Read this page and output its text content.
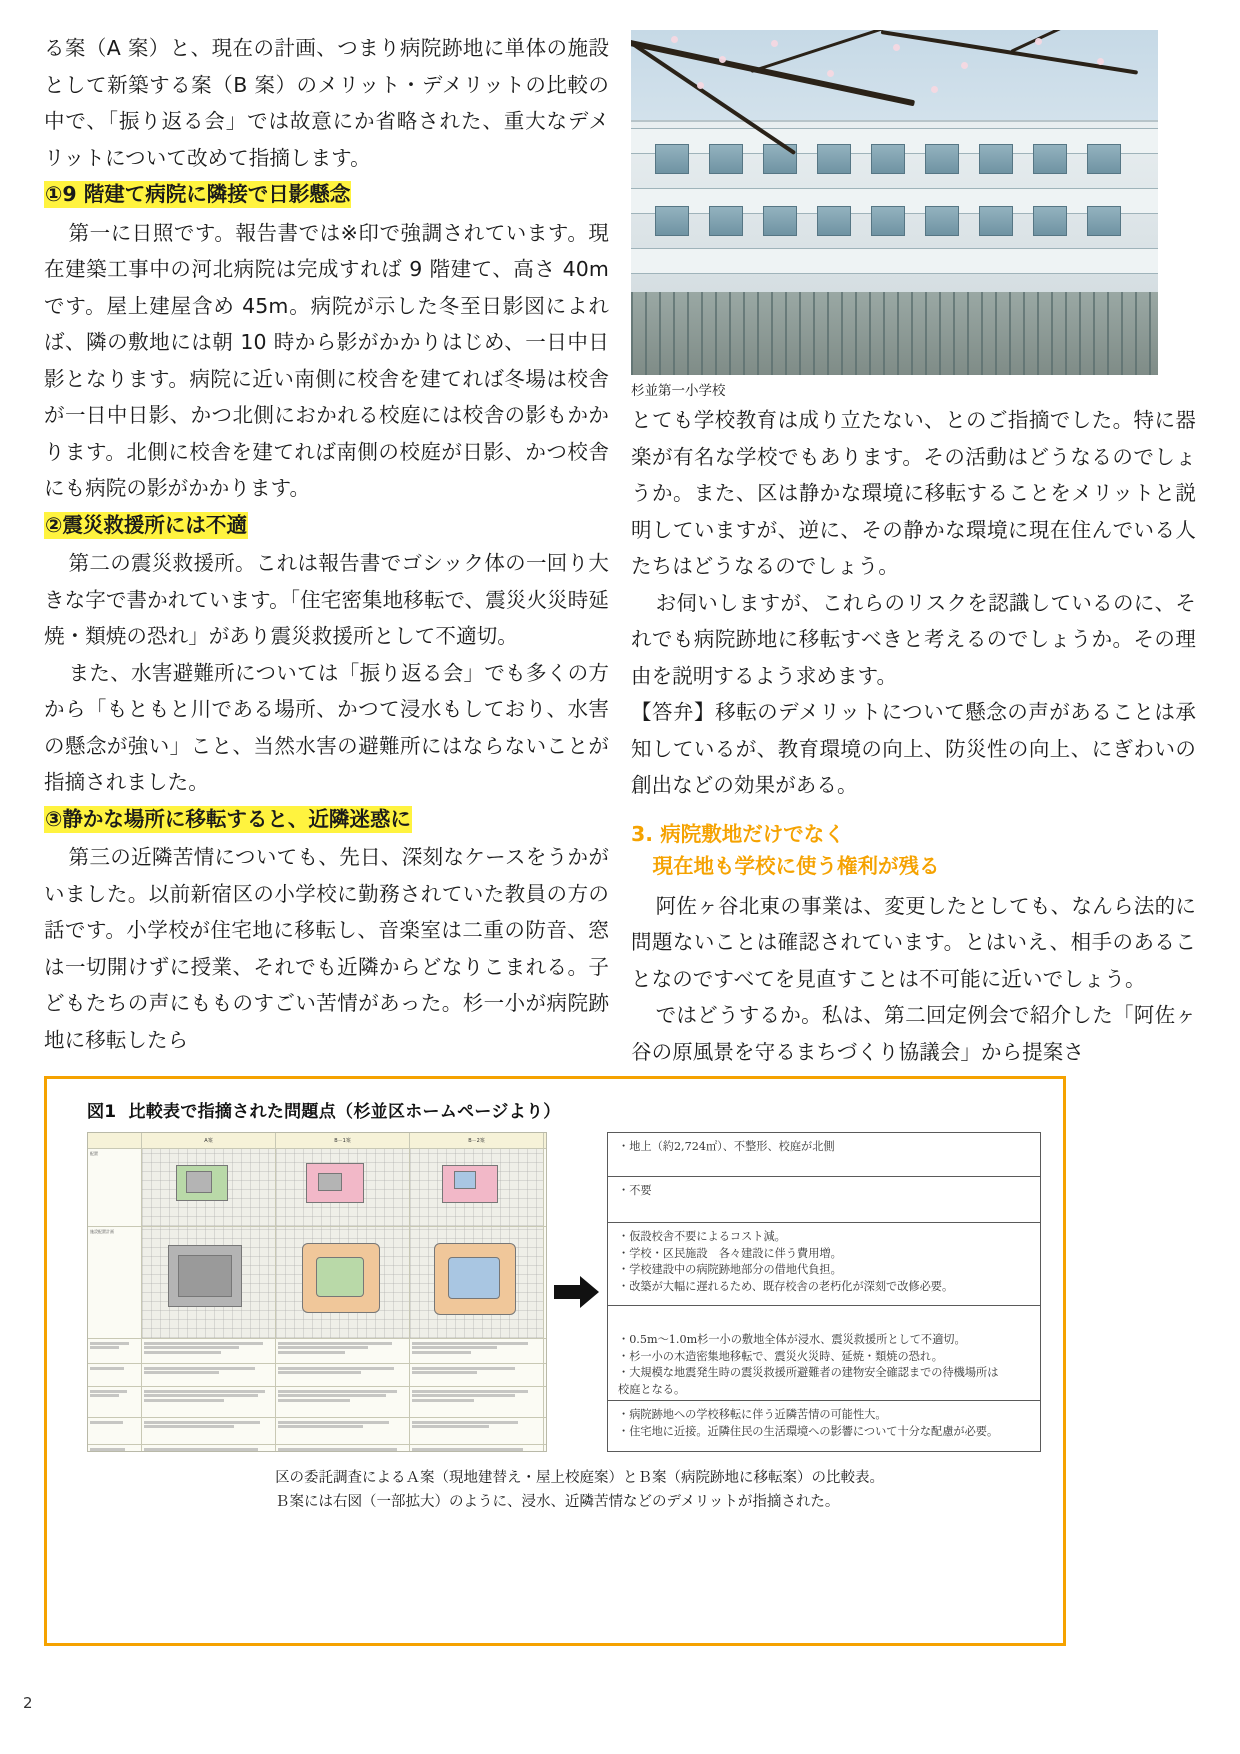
る案（A 案）と、現在の計画、つまり病院跡地に単体の施設として新築する案（B 案）のメリット・デメリットの比較の中で、「振り返る会」では故意にか省略された、重大なデメリットについて改めて指摘します。

①9 階建て病院に隣接で日影懸念

第一に日照です。報告書では※印で強調されています。現在建築工事中の河北病院は完成すれば 9 階建て、高さ 40m です。屋上建屋含め 45m。病院が示した冬至日影図によれば、隣の敷地には朝 10 時から影がかかりはじめ、一日中日影となります。病院に近い南側に校舎を建てれば冬場は校舎が一日中日影、かつ北側におかれる校庭には校舎の影もかかります。北側に校舎を建てれば南側の校庭が日影、かつ校舎にも病院の影がかかります。

②震災救援所には不適

第二の震災救援所。これは報告書でゴシック体の一回り大きな字で書かれています。「住宅密集地移転で、震災火災時延焼・類焼の恐れ」があり震災救援所として不適切。

また、水害避難所については「振り返る会」でも多くの方から「もともと川である場所、かつて浸水もしており、水害の懸念が強い」こと、当然水害の避難所にはならないことが指摘されました。

③静かな場所に移転すると、近隣迷惑に

第三の近隣苦情についても、先日、深刻なケースをうかがいました。以前新宿区の小学校に勤務されていた教員の方の話です。小学校が住宅地に移転し、音楽室は二重の防音、窓は一切開けずに授業、それでも近隣からどなりこまれる。子どもたちの声にもものすごい苦情があった。杉一小が病院跡地に移転したら

杉並第一小学校

とても学校教育は成り立たない、とのご指摘でした。特に器楽が有名な学校でもあります。その活動はどうなるのでしょうか。また、区は静かな環境に移転することをメリットと説明していますが、逆に、その静かな環境に現在住んでいる人たちはどうなるのでしょう。

お伺いしますが、これらのリスクを認識しているのに、それでも病院跡地に移転すべきと考えるのでしょうか。その理由を説明するよう求めます。

【答弁】移転のデメリットについて懸念の声があることは承知しているが、教育環境の向上、防災性の向上、にぎわいの創出などの効果がある。

3. 病院敷地だけでなく
現在地も学校に使う権利が残る

阿佐ヶ谷北東の事業は、変更したとしても、なんら法的に問題ないことは確認されています。とはいえ、相手のあることなのですべてを見直すことは不可能に近いでしょう。

ではどうするか。私は、第二回定例会で紹介した「阿佐ヶ谷の原風景を守るまちづくり協議会」から提案さ

図1 比較表で指摘された問題点（杉並区ホームページより）
A案	B－1案	B－2案
配置
施設配置計画
・地上（約2,724㎡）、不整形、校庭が北側
・不要
・仮設校舎不要によるコスト減。
・学校・区民施設　各々建設に伴う費用増。
・学校建設中の病院跡地部分の借地代負担。
・改築が大幅に遅れるため、既存校舎の老朽化が深刻で改修必要。
・0.5m〜1.0m杉一小の敷地全体が浸水、震災救援所として不適切。
・杉一小の木造密集地移転で、震災火災時、延焼・類焼の恐れ。
・大規模な地震発生時の震災救援所避難者の建物安全確認までの待機場所は
校庭となる。
・病院跡地への学校移転に伴う近隣苦情の可能性大。
・住宅地に近接。近隣住民の生活環境への影響について十分な配慮が必要。
区の委託調査によるＡ案（現地建替え・屋上校庭案）とＢ案（病院跡地に移転案）の比較表。
Ｂ案には右図（一部拡大）のように、浸水、近隣苦情などのデメリットが指摘された。
2
